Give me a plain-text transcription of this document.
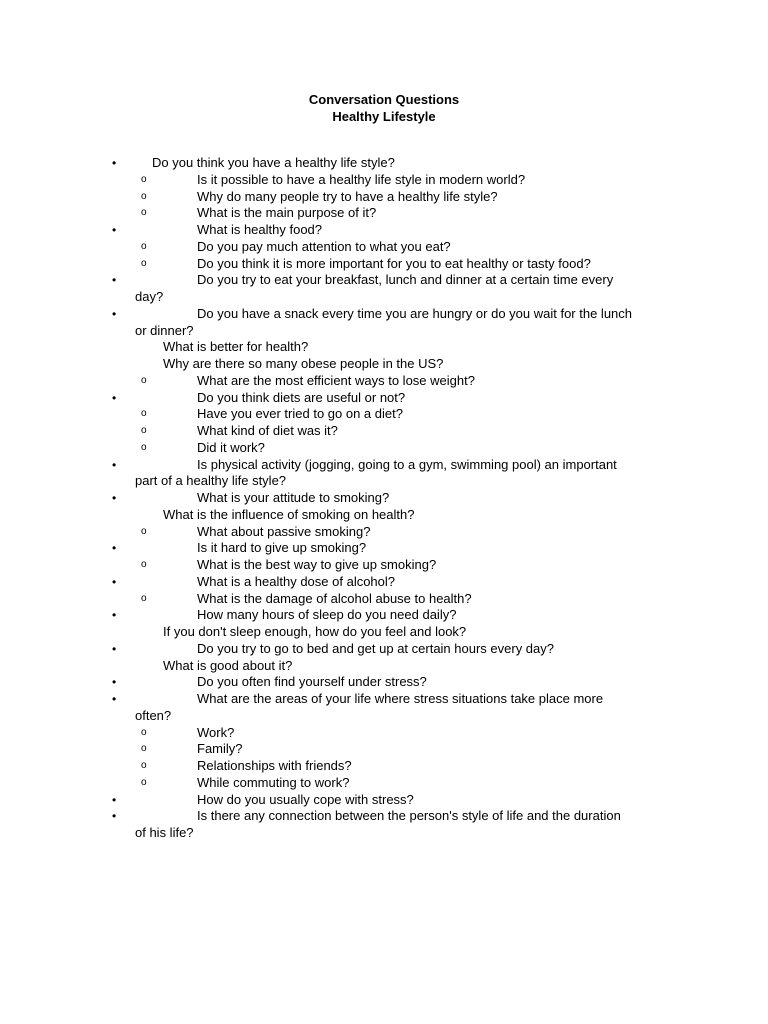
Conversation Questions
Healthy Lifestyle
•	Do you think you have a healthy life style?
o	Is it possible to have a healthy life style in modern world?
o	Why do many people try to have a healthy life style?
o	What is the main purpose of it?
•	What is healthy food?
o	Do you pay much attention to what you eat?
o	Do you think it is more important for you to eat healthy or tasty food?
•	Do you try to eat your breakfast, lunch and dinner at a certain time every
day?
•	Do you have a snack every time you are hungry or do you wait for the lunch
or dinner?
What is better for health?
Why are there so many obese people in the US?
o	What are the most efficient ways to lose weight?
•	Do you think diets are useful or not?
o	Have you ever tried to go on a diet?
o	What kind of diet was it?
o	Did it work?
•	Is physical activity (jogging, going to a gym, swimming pool) an important
part of a healthy life style?
•	What is your attitude to smoking?
What is the influence of smoking on health?
o	What about passive smoking?
•	Is it hard to give up smoking?
o	What is the best way to give up smoking?
•	What is a healthy dose of alcohol?
o	What is the damage of alcohol abuse to health?
•	How many hours of sleep do you need daily?
If you don't sleep enough, how do you feel and look?
•	Do you try to go to bed and get up at certain hours every day?
What is good about it?
•	Do you often find yourself under stress?
•	What are the areas of your life where stress situations take place more
often?
o	Work?
o	Family?
o	Relationships with friends?
o	While commuting to work?
•	How do you usually cope with stress?
•	Is there any connection between the person's style of life and the duration
of his life?
